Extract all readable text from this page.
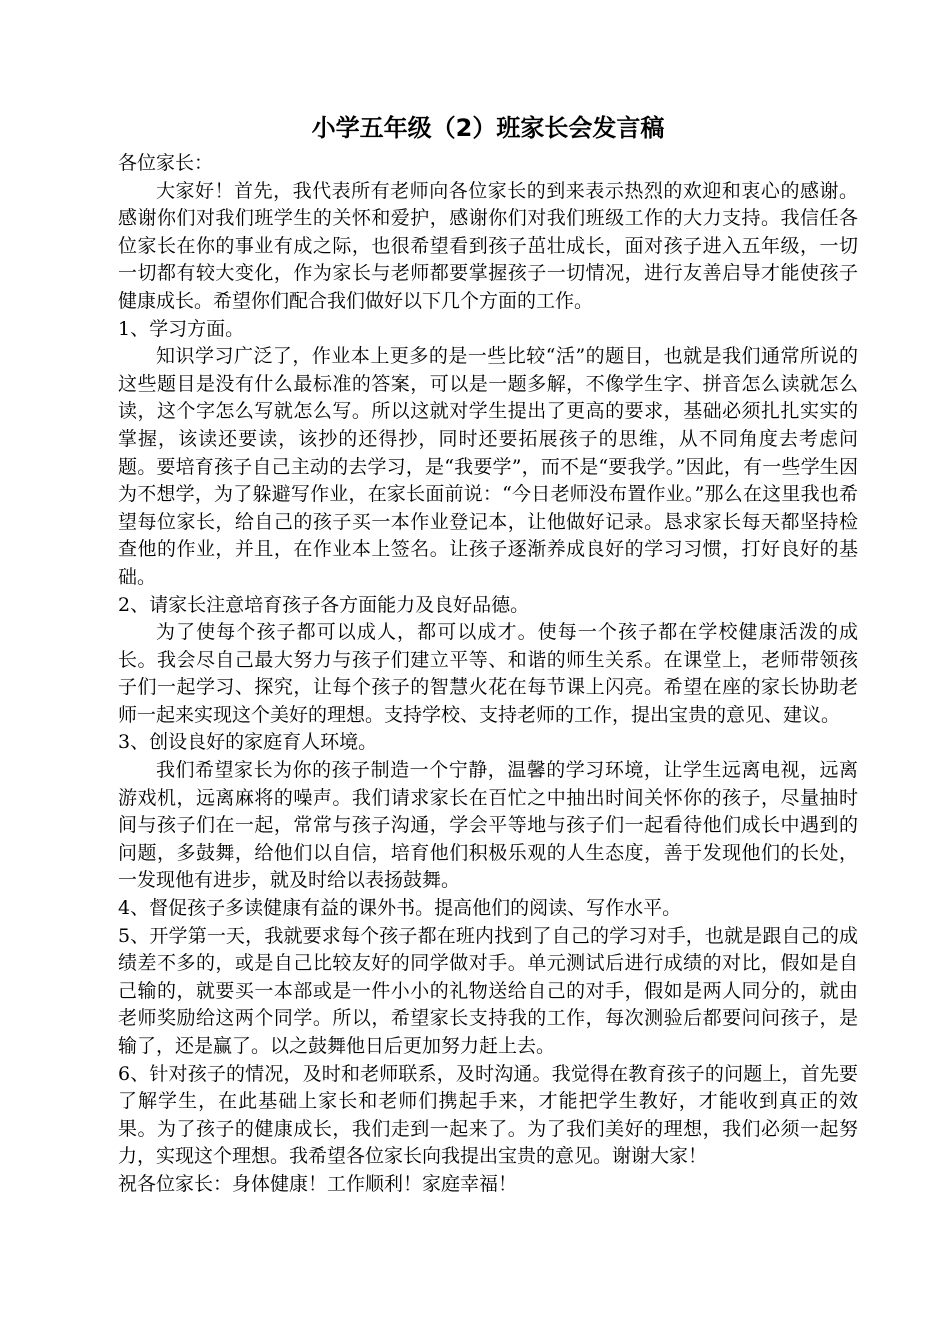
小学五年级（2）班家长会发言稿

各位家长：

大家好！首先，我代表所有老师向各位家长的到来表示热烈的欢迎和衷心的感谢。感谢你们对我们班学生的关怀和爱护，感谢你们对我们班级工作的大力支持。我信任各位家长在你的事业有成之际，也很希望看到孩子茁壮成长，面对孩子进入五年级，一切一切都有较大变化，作为家长与老师都要掌握孩子一切情况，进行友善启导才能使孩子健康成长。希望你们配合我们做好以下几个方面的工作。

1、学习方面。

知识学习广泛了，作业本上更多的是一些比较“活”的题目，也就是我们通常所说的这些题目是没有什么最标准的答案，可以是一题多解，不像学生字、拼音怎么读就怎么读，这个字怎么写就怎么写。所以这就对学生提出了更高的要求，基础必须扎扎实实的掌握，该读还要读，该抄的还得抄，同时还要拓展孩子的思维，从不同角度去考虑问题。要培育孩子自己主动的去学习，是“我要学”，而不是“要我学。”因此，有一些学生因为不想学，为了躲避写作业，在家长面前说：“今日老师没布置作业。”那么在这里我也希望每位家长，给自己的孩子买一本作业登记本，让他做好记录。恳求家长每天都坚持检查他的作业，并且，在作业本上签名。让孩子逐渐养成良好的学习习惯，打好良好的基础。

2、请家长注意培育孩子各方面能力及良好品德。

为了使每个孩子都可以成人，都可以成才。使每一个孩子都在学校健康活泼的成长。我会尽自己最大努力与孩子们建立平等、和谐的师生关系。在课堂上，老师带领孩子们一起学习、探究，让每个孩子的智慧火花在每节课上闪亮。希望在座的家长协助老师一起来实现这个美好的理想。支持学校、支持老师的工作，提出宝贵的意见、建议。

3、创设良好的家庭育人环境。

我们希望家长为你的孩子制造一个宁静，温馨的学习环境，让学生远离电视，远离游戏机，远离麻将的噪声。我们请求家长在百忙之中抽出时间关怀你的孩子，尽量抽时间与孩子们在一起，常常与孩子沟通，学会平等地与孩子们一起看待他们成长中遇到的问题，多鼓舞，给他们以自信，培育他们积极乐观的人生态度，善于发现他们的长处，一发现他有进步，就及时给以表扬鼓舞。

4、督促孩子多读健康有益的课外书。提高他们的阅读、写作水平。

5、开学第一天，我就要求每个孩子都在班内找到了自己的学习对手，也就是跟自己的成绩差不多的，或是自己比较友好的同学做对手。单元测试后进行成绩的对比，假如是自己输的，就要买一本部或是一件小小的礼物送给自己的对手，假如是两人同分的，就由老师奖励给这两个同学。所以，希望家长支持我的工作，每次测验后都要问问孩子，是输了，还是赢了。以之鼓舞他日后更加努力赶上去。

6、针对孩子的情况，及时和老师联系，及时沟通。我觉得在教育孩子的问题上，首先要了解学生，在此基础上家长和老师们携起手来，才能把学生教好，才能收到真正的效果。为了孩子的健康成长，我们走到一起来了。为了我们美好的理想，我们必须一起努力，实现这个理想。我希望各位家长向我提出宝贵的意见。谢谢大家！

祝各位家长：身体健康！工作顺利！家庭幸福！
